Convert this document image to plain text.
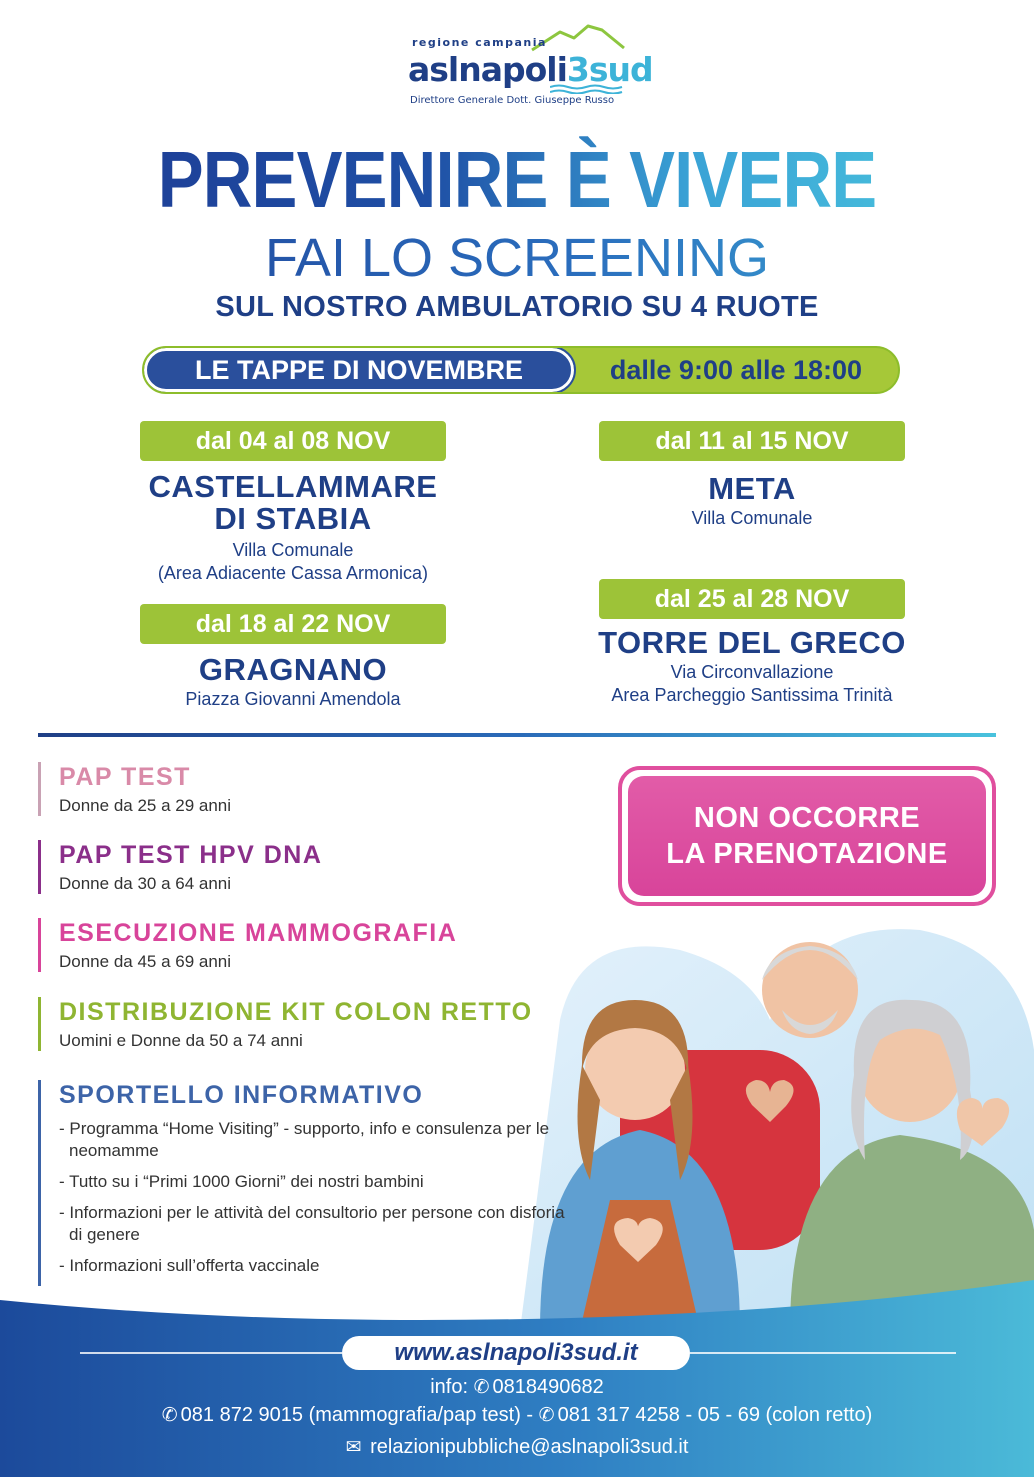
regione campania
aslnapoli3sud
Direttore Generale Dott. Giuseppe Russo
PREVENIRE È VIVERE
FAI LO SCREENING
SUL NOSTRO AMBULATORIO SU 4 RUOTE
LE TAPPE DI NOVEMBRE	dalle 9:00 alle 18:00
dal 04 al 08 NOV
CASTELLAMMARE
DI STABIA
Villa Comunale
(Area Adiacente Cassa Armonica)
dal 11 al 15 NOV
META
Villa Comunale
dal 18 al 22 NOV
GRAGNANO
Piazza Giovanni Amendola
dal 25 al 28 NOV
TORRE DEL GRECO
Via Circonvallazione
Area Parcheggio Santissima Trinità
PAP TEST
Donne da 25 a 29 anni
PAP TEST HPV DNA
Donne da 30 a 64 anni
ESECUZIONE MAMMOGRAFIA
Donne da 45 a 69 anni
DISTRIBUZIONE KIT COLON RETTO
Uomini e Donne da 50 a 74 anni
SPORTELLO INFORMATIVO
- Programma “Home Visiting” - supporto, info e consulenza per le neomamme
- Tutto su i “Primi 1000 Giorni” dei nostri bambini
- Informazioni per le attività del consultorio per persone con disforia di genere
- Informazioni sull’offerta vaccinale
NON OCCORRE
LA PRENOTAZIONE
www.aslnapoli3sud.it
info: ✆ 0818490682
✆ 081 872 9015 (mammografia/pap test) - ✆ 081 317 4258 - 05 - 69 (colon retto)
✉ relazionipubbliche@aslnapoli3sud.it
